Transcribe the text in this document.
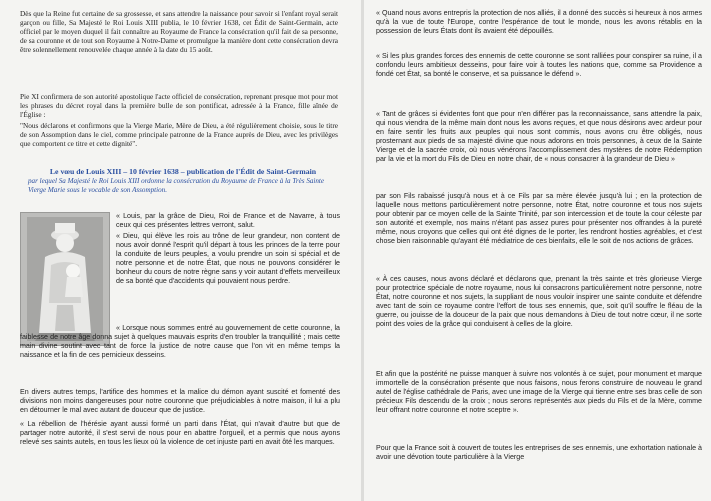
Dès que la Reine fut certaine de sa grossesse, et sans attendre la naissance pour savoir si l'enfant royal serait garçon ou fille, Sa Majesté le Roi Louis XIII publia, le 10 février 1638, cet Édit de Saint-Germain, acte officiel par le moyen duquel il fait connaître au Royaume de France la consécration qu'il fait de sa personne, de sa couronne et de tout son Royaume à Notre-Dame et promulgue la manière dont cette consécration devra être solennellement renouvelée chaque année à la date du 15 août.

Pie XI confirmera de son autorité apostolique l'acte officiel de consécration, reprenant presque mot pour mot les phrases du décret royal dans la première bulle de son pontificat, adressée à la France, fille aînée de l'Église :

"Nous déclarons et confirmons que la Vierge Marie, Mère de Dieu, a été régulièrement choisie, sous le titre de son Assomption dans le ciel, comme principale patronne de la France auprès de Dieu, avec les privilèges que comportent ce titre et cette dignité".

Le vœu de Louis XIII – 10 février 1638 – publication de l'Édit de Saint-Germain
par lequel Sa Majesté le Roi Louis XIII ordonne la consécration du Royaume de France à la Très Sainte Vierge Marie sous le vocable de son Assomption.

« Louis, par la grâce de Dieu, Roi de France et de Navarre, à tous ceux qui ces présentes lettres verront, salut.

« Dieu, qui élève les rois au trône de leur grandeur, non content de nous avoir donné l'esprit qu'il départ à tous les princes de la terre pour la conduite de leurs peuples, a voulu prendre un soin si spécial et de notre personne et de notre État, que nous ne pouvons considérer le bonheur du cours de notre règne sans y voir autant d'effets merveilleux de sa bonté que d'accidents qui pouvaient nous perdre.

« Lorsque nous sommes entré au gouvernement de cette couronne, la faiblesse de notre âge donna sujet à quelques mauvais esprits d'en troubler la tranquillité ; mais cette main divine soutint avec tant de force la justice de notre cause que l'on vit en même temps la naissance et la fin de ces pernicieux desseins.

En divers autres temps, l'artifice des hommes et la malice du démon ayant suscité et fomenté des divisions non moins dangereuses pour notre couronne que préjudiciables à notre maison, il lui a plu en détourner le mal avec autant de douceur que de justice.

« La rébellion de l'hérésie ayant aussi formé un parti dans l'État, qui n'avait d'autre but que de partager notre autorité, il s'est servi de nous pour en abattre l'orgueil, et a permis que nous ayons relevé ses saints autels, en tous les lieux où la violence de cet injuste parti en avait ôté les marques.

« Quand nous avons entrepris la protection de nos alliés, il a donné des succès si heureux à nos armes qu'à la vue de toute l'Europe, contre l'espérance de tout le monde, nous les avons rétablis en la possession de leurs États dont ils avaient été dépouillés.

« Si les plus grandes forces des ennemis de cette couronne se sont ralliées pour conspirer sa ruine, il a confondu leurs ambitieux desseins, pour faire voir à toutes les nations que, comme sa Providence a fondé cet État, sa bonté le conserve, et sa puissance le défend ».

« Tant de grâces si évidentes font que pour n'en différer pas la reconnaissance, sans attendre la paix, qui nous viendra de la même main dont nous les avons reçues, et que nous désirons avec ardeur pour en faire sentir les fruits aux peuples qui nous sont commis, nous avons cru être obligés, nous prosternant aux pieds de sa majesté divine que nous adorons en trois personnes, à ceux de la Sainte Vierge et de la sacrée croix, où nous vénérons l'accomplissement des mystères de notre Rédemption par la vie et la mort du Fils de Dieu en notre chair, de « nous consacrer à la grandeur de Dieu »

par son Fils rabaissé jusqu'à nous et à ce Fils par sa mère élevée jusqu'à lui ; en la protection de laquelle nous mettons particulièrement notre personne, notre État, notre couronne et tous nos sujets pour obtenir par ce moyen celle de la Sainte Trinité, par son intercession et de toute la cour céleste par son autorité et exemple, nos mains n'étant pas assez pures pour présenter nos offrandes à la pureté même, nous croyons que celles qui ont été dignes de le porter, les rendront hosties agréables, et c'est chose bien raisonnable qu'ayant été médiatrice de ces bienfaits, elle le soit de nos actions de grâces.

« À ces causes, nous avons déclaré et déclarons que, prenant la très sainte et très glorieuse Vierge pour protectrice spéciale de notre royaume, nous lui consacrons particulièrement notre personne, notre État, notre couronne et nos sujets, la suppliant de nous vouloir inspirer une sainte conduite et défendre avec tant de soin ce royaume contre l'effort de tous ses ennemis, que, soit qu'il souffre le fléau de la guerre, ou jouisse de la douceur de la paix que nous demandons à Dieu de tout notre cœur, il ne sorte point des voies de la grâce qui conduisent à celles de la gloire.

Et afin que la postérité ne puisse manquer à suivre nos volontés à ce sujet, pour monument et marque immortelle de la consécration présente que nous faisons, nous ferons construire de nouveau le grand autel de l'église cathédrale de Paris, avec une image de la Vierge qui tienne entre ses bras celle de son précieux Fils descendu de la croix ; nous serons représentés aux pieds du Fils et de la Mère, comme leur offrant notre couronne et notre sceptre ».

Pour que la France soit à couvert de toutes les entreprises de ses ennemis, une exhortation nationale à avoir une dévotion toute particulière à la Vierge
